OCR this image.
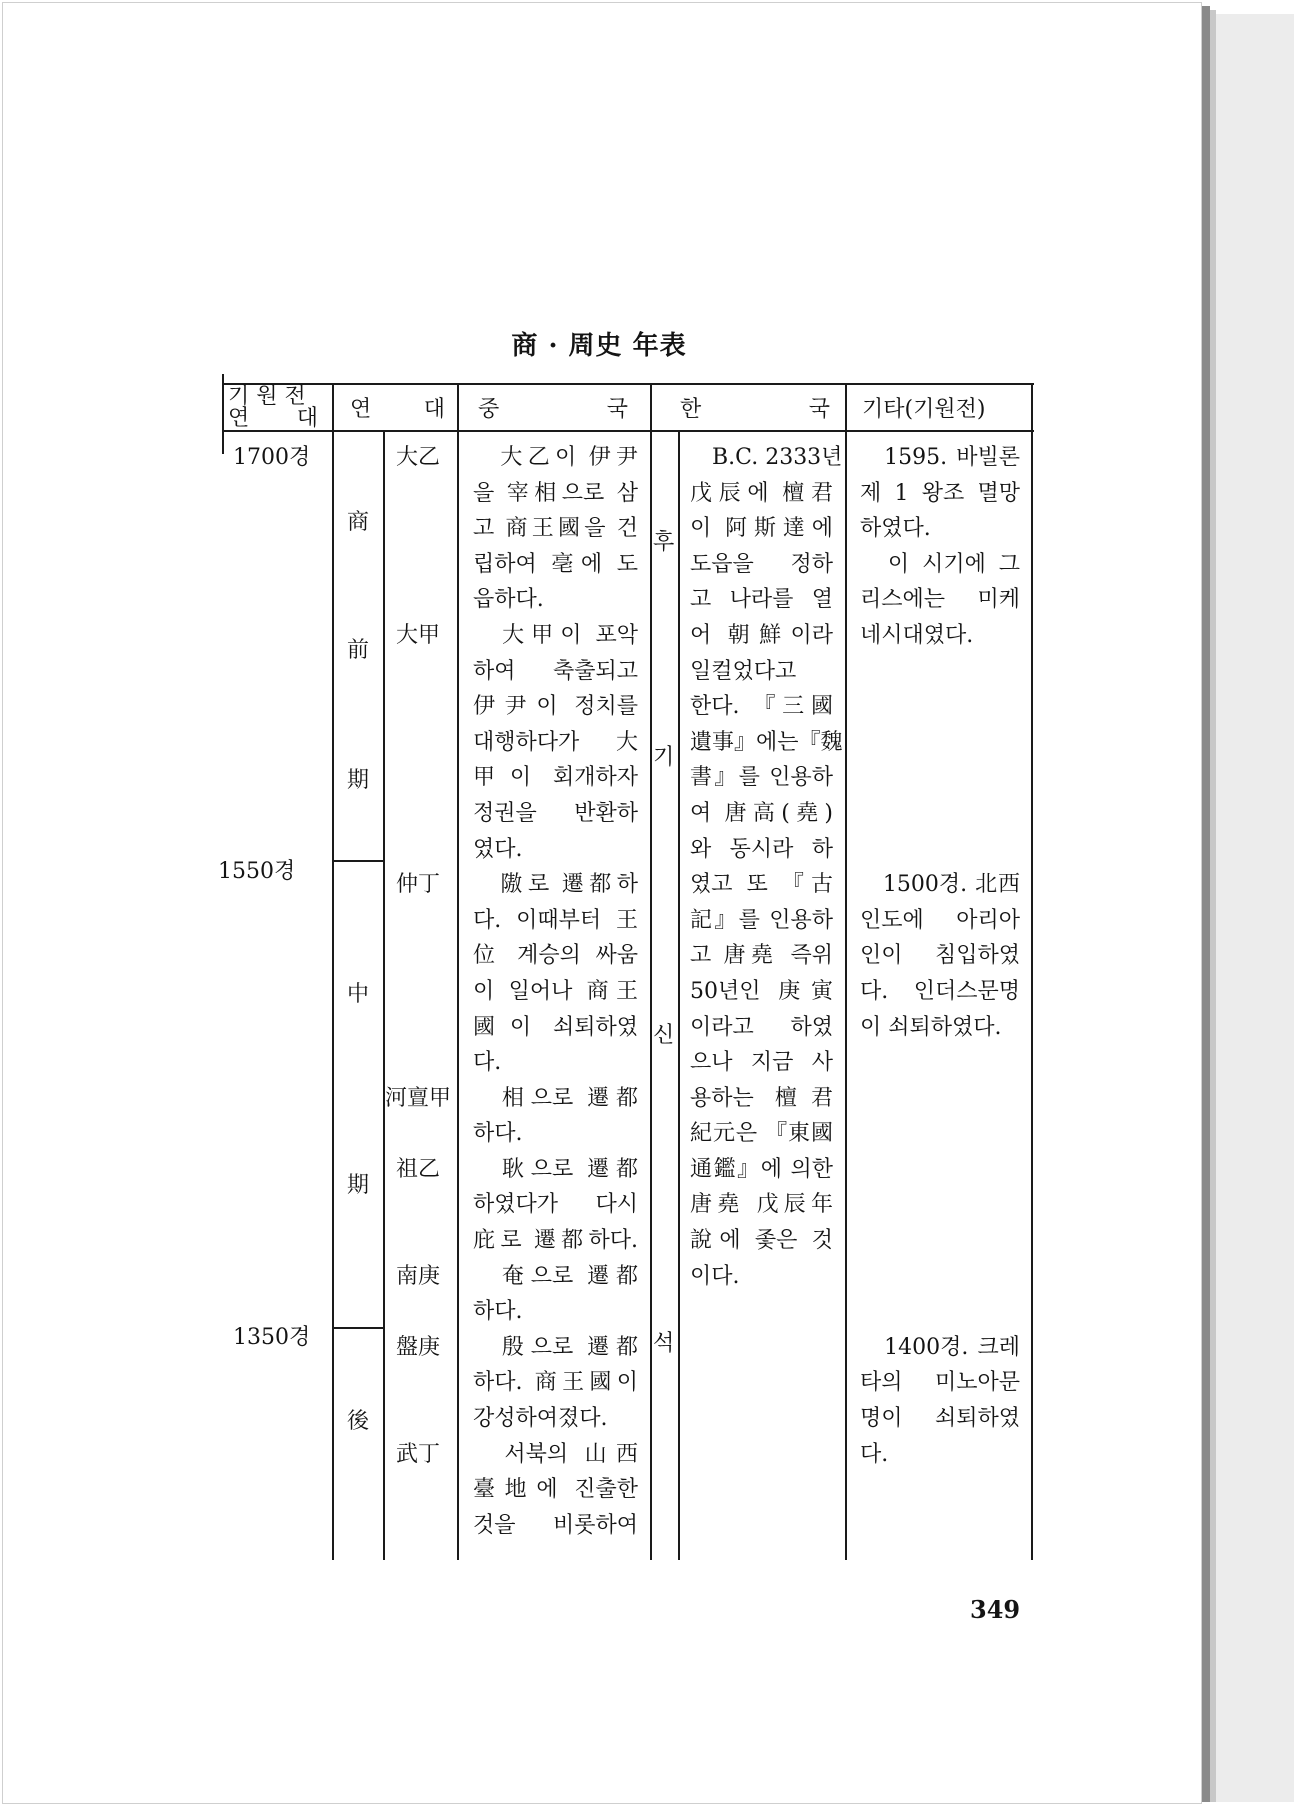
商 · 周史 年表
기 원 전
연 대 연 대 중 국 한 국 기타(기원전)
1700경
1550경
1350경
商
前
期
中
期
後
大乙
大甲
仲丁
河亶甲
祖乙
南庚
盤庚
武丁
　大乙이 伊尹
을 宰相으로 삼
고 商王國을 건
립하여 亳에 도
읍하다.
　大甲이 포악
하여 축출되고
伊尹이 정치를
대행하다가 大
甲이 회개하자
정권을 반환하
였다.
　隞로 遷都하
다. 이때부터 王
位 계승의 싸움
이 일어나 商王
國이 쇠퇴하였
다.
　相으로 遷都
하다.
　耿으로 遷都
하였다가 다시
庇로 遷都하다.
　奄으로 遷都
하다.
　殷으로 遷都
하다. 商王國이
강성하여졌다.
　서북의 山西
臺地에 진출한
것을 비롯하여
후
기
신
석
　B.C. 2333년
戊辰에 檀君
이 阿斯達에
도읍을 정하
고 나라를 열
어 朝鮮이라
일컬었다고
한다. 『三國
遺事』에는『魏
書』를 인용하
여 唐高(堯)
와 동시라 하
였고 또 『古
記』를 인용하
고 唐堯 즉위
50년인 庚寅
이라고 하였
으나 지금 사
용하는 檀君
紀元은 『東國
通鑑』에 의한
唐堯 戊辰年
說에 좇은 것
이다.
　1595. 바빌론
제 1 왕조 멸망
하였다.
　이 시기에 그
리스에는 미케
네시대였다.
　1500경. 北西
인도에 아리아
인이 침입하였
다. 인더스문명
이 쇠퇴하였다.
　1400경. 크레
타의 미노아문
명이 쇠퇴하였
다.
349
